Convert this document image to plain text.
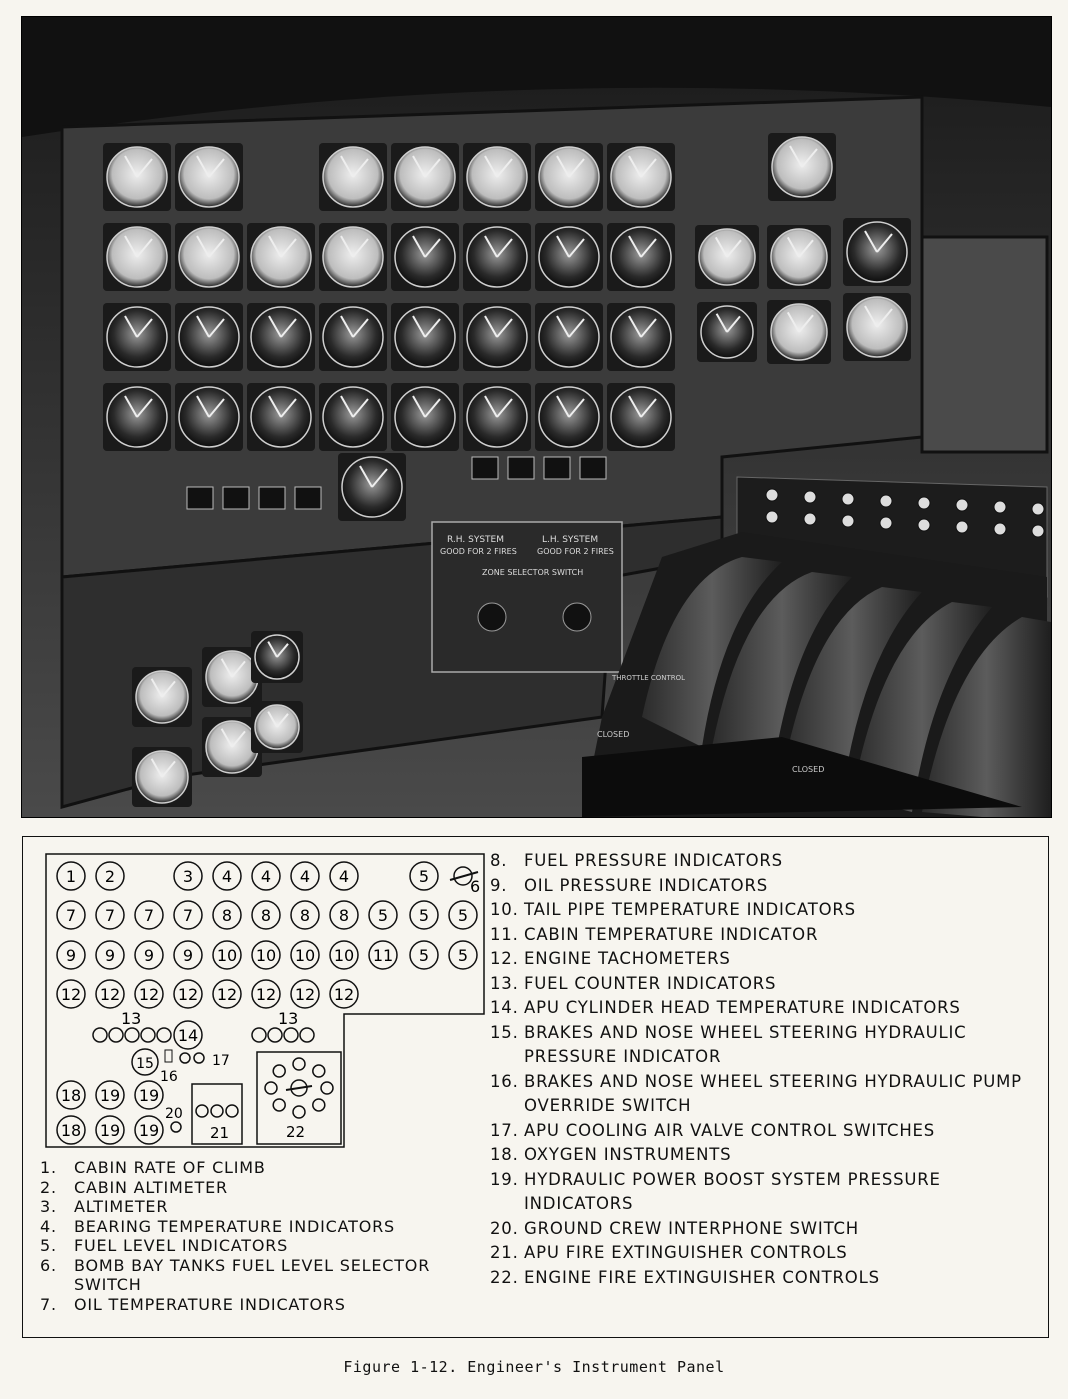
R.H. SYSTEM
GOOD FOR 2 FIRES
L.H. SYSTEM
GOOD FOR 2 FIRES
ZONE SELECTOR SWITCH
CLOSED
CLOSED
THROTTLE CONTROL
1 2	3 4 4 4 4	5
6
7 7 7 7 8 8 8 8 5 5 5
9 9 9 9 10 10 10 10 11 5 5
12 12 12 12 12 12 12 12
13	13
14
15
16
17
18 19 19
18 19 19
20
21	22
8.	FUEL PRESSURE INDICATORS
9.	OIL PRESSURE INDICATORS
10. TAIL PIPE TEMPERATURE INDICATORS
11. CABIN TEMPERATURE INDICATOR
12. ENGINE TACHOMETERS
13. FUEL COUNTER INDICATORS
14. APU CYLINDER HEAD TEMPERATURE INDICATORS
15. BRAKES AND NOSE WHEEL STEERING HYDRAULIC PRESSURE INDICATOR
16. BRAKES AND NOSE WHEEL STEERING HYDRAULIC PUMP OVERRIDE SWITCH
17. APU COOLING AIR VALVE CONTROL SWITCHES
18. OXYGEN INSTRUMENTS
19. HYDRAULIC POWER BOOST SYSTEM PRESSURE INDICATORS
20. GROUND CREW INTERPHONE SWITCH
21. APU FIRE EXTINGUISHER CONTROLS
22. ENGINE FIRE EXTINGUISHER CONTROLS
1.	CABIN RATE OF CLIMB
2.	CABIN ALTIMETER
3.	ALTIMETER
4.	BEARING TEMPERATURE INDICATORS
5.	FUEL LEVEL INDICATORS
6.	BOMB BAY TANKS FUEL LEVEL SELECTOR SWITCH
7.	OIL TEMPERATURE INDICATORS
Figure 1-12. Engineer's Instrument Panel
